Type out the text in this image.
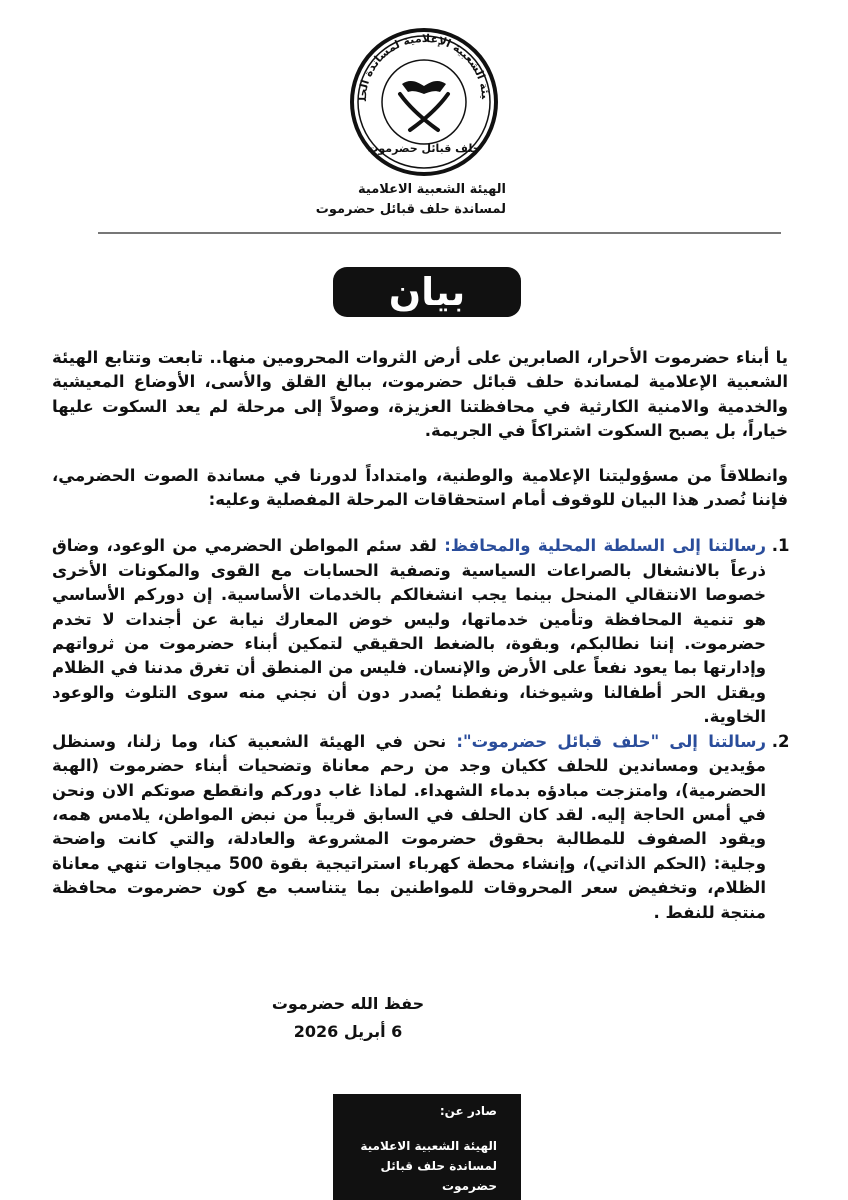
يئة الشعبية الإعلامية لمساندة الحل
حلف قبائل حضرموت
الهيئة الشعبية الاعلامية
لمساندة حلف قبائل حضرموت
بيان

يا أبناء حضرموت الأحرار، الصابرين على أرض الثروات المحرومين منها.. تابعت وتتابع الهيئة الشعبية الإعلامية لمساندة حلف قبائل حضرموت، ببالغ القلق والأسى، الأوضاع المعيشية والخدمية والامنية الكارثية في محافظتنا العزيزة، وصولاً إلى مرحلة لم يعد السكوت عليها خياراً، بل يصبح السكوت اشتراكاً في الجريمة.

وانطلاقاً من مسؤوليتنا الإعلامية والوطنية، وامتداداً لدورنا في مساندة الصوت الحضرمي، فإننا نُصدر هذا البيان للوقوف أمام استحقاقات المرحلة المفصلية وعليه:

1. رسالتنا إلى السلطة المحلية والمحافظ: لقد سئم المواطن الحضرمي من الوعود، وضاق ذرعاً بالانشغال بالصراعات السياسية وتصفية الحسابات مع القوى والمكونات الأخرى خصوصا الانتقالي المنحل بينما يجب انشغالكم بالخدمات الأساسية. إن دوركم الأساسي هو تنمية المحافظة وتأمين خدماتها، وليس خوض المعارك نيابة عن أجندات لا تخدم حضرموت. إننا نطالبكم، وبقوة، بالضغط الحقيقي لتمكين أبناء حضرموت من ثرواتهم وإدارتها بما يعود نفعاً على الأرض والإنسان. فليس من المنطق أن تغرق مدننا في الظلام ويقتل الحر أطفالنا وشيوخنا، ونفطنا يُصدر دون أن نجني منه سوى التلوث والوعود الخاوية.
2. رسالتنا إلى "حلف قبائل حضرموت": نحن في الهيئة الشعبية كنا، وما زلنا، وسنظل مؤيدين ومساندين للحلف ككيان وجد من رحم معاناة وتضحيات أبناء حضرموت (الهبة الحضرمية)، وامتزجت مبادؤه بدماء الشهداء. لماذا غاب دوركم وانقطع صوتكم الان ونحن في أمس الحاجة إليه. لقد كان الحلف في السابق قريباً من نبض المواطن، يلامس همه، ويقود الصفوف للمطالبة بحقوق حضرموت المشروعة والعادلة، والتي كانت واضحة وجلية: (الحكم الذاتي)، وإنشاء محطة كهرباء استراتيجية بقوة 500 ميجاوات تنهي معاناة الظلام، وتخفيض سعر المحروقات للمواطنين بما يتناسب مع كون حضرموت محافظة منتجة للنفط .
حفظ الله حضرموت
6 أبريل 2026
صادر عن:
الهيئة الشعبية الاعلامية
لمساندة حلف قبائل حضرموت
